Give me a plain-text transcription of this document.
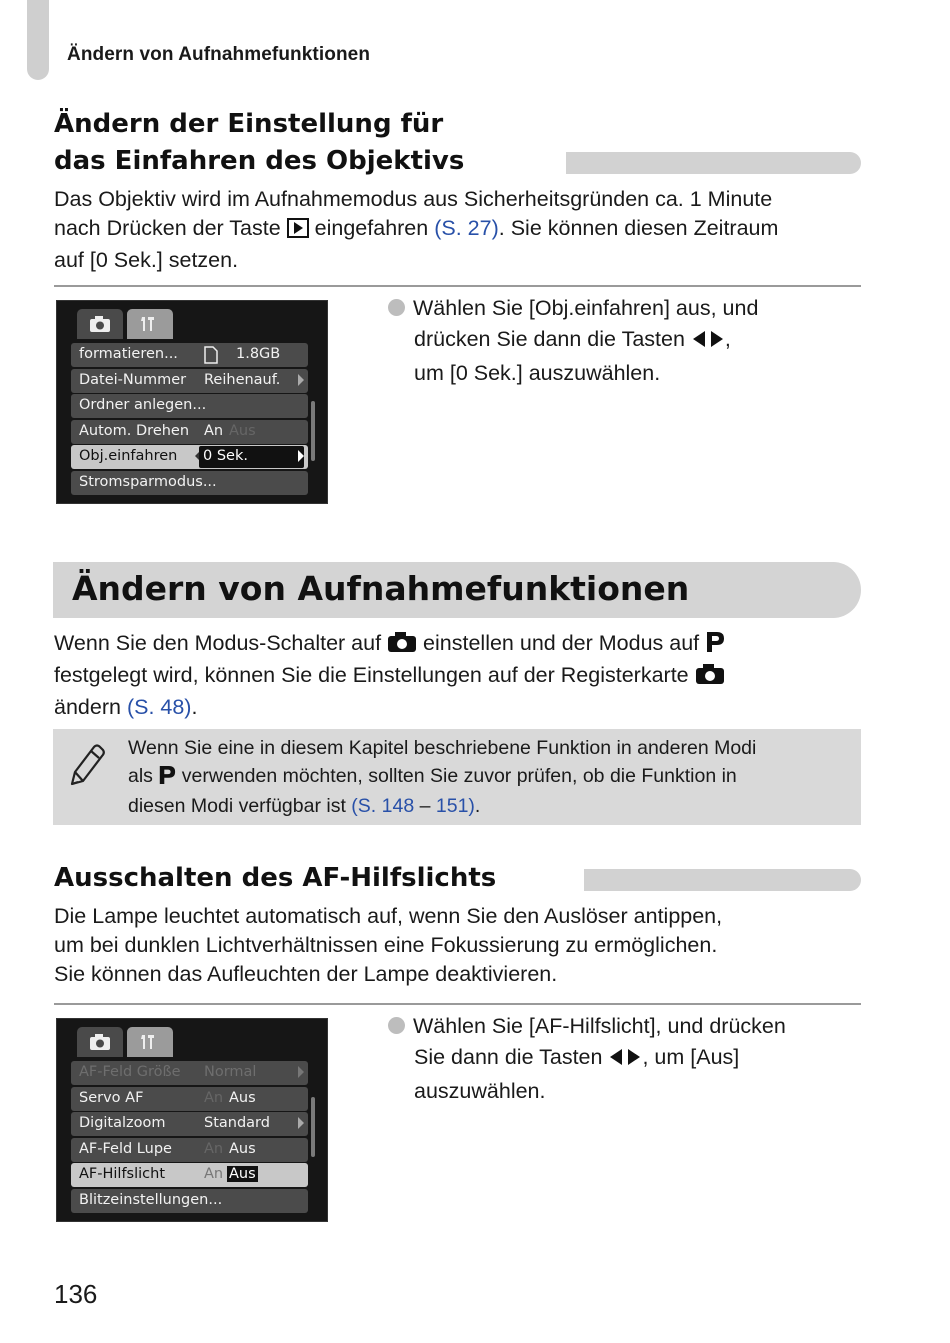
Ändern von Aufnahmefunktionen
Ändern der Einstellung für
das Einfahren des Objektivs
Das Objektiv wird im Aufnahmemodus aus Sicherheitsgründen ca. 1 Minute
nach Drücken der Taste eingefahren (S. 27). Sie können diesen Zeitraum
auf [0 Sek.] setzen.
formatieren...	1.8GB
Datei-Nummer Reihenauf.
Ordner anlegen...
Autom. Drehen An Aus
Obj.einfahren 0 Sek.
Stromsparmodus...
Wählen Sie [Obj.einfahren] aus, und
drücken Sie dann die Tasten ,
um [0 Sek.] auszuwählen.
Ändern von Aufnahmefunktionen
Wenn Sie den Modus-Schalter auf einstellen und der Modus auf
festgelegt wird, können Sie die Einstellungen auf der Registerkarte
ändern (S. 48).
Wenn Sie eine in diesem Kapitel beschriebene Funktion in anderen Modi
als verwenden möchten, sollten Sie zuvor prüfen, ob die Funktion in
diesen Modi verfügbar ist (S. 148 – 151).
Ausschalten des AF-Hilfslichts
Die Lampe leuchtet automatisch auf, wenn Sie den Auslöser antippen,
um bei dunklen Lichtverhältnissen eine Fokussierung zu ermöglichen.
Sie können das Aufleuchten der Lampe deaktivieren.
AF-Feld Größe Normal
Servo AF	An Aus
Digitalzoom	Standard
AF-Feld Lupe An Aus
AF-Hilfslicht	An Aus
Blitzeinstellungen...
Wählen Sie [AF-Hilfslicht], und drücken
Sie dann die Tasten , um [Aus]
auszuwählen.
136
